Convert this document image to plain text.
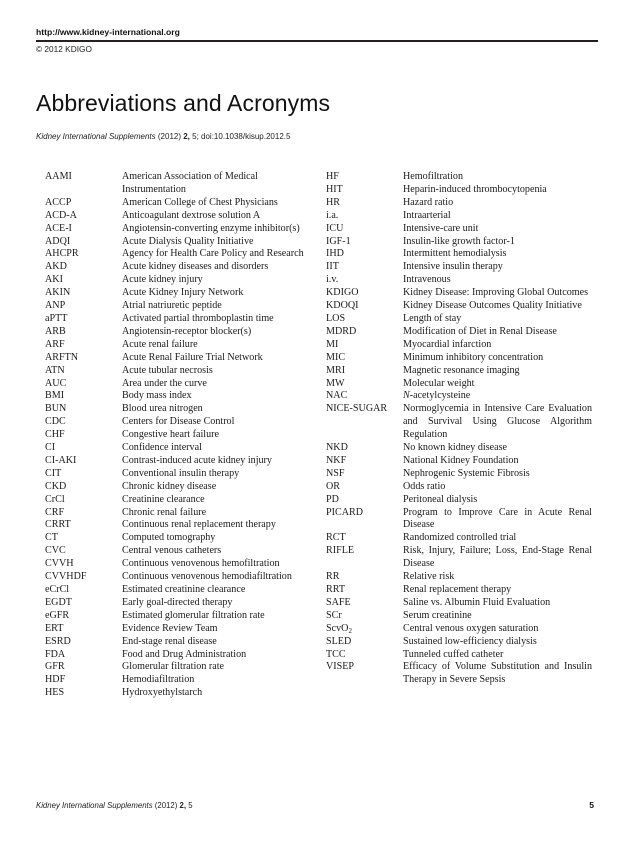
http://www.kidney-international.org
© 2012 KDIGO
Abbreviations and Acronyms
Kidney International Supplements (2012) 2, 5; doi:10.1038/kisup.2012.5
AAMI	American Association of Medical Instrumentation
ACCP	American College of Chest Physicians
ACD-A	Anticoagulant dextrose solution A
ACE-I	Angiotensin-converting enzyme inhibitor(s)
ADQI	Acute Dialysis Quality Initiative
AHCPR	Agency for Health Care Policy and Research
AKD	Acute kidney diseases and disorders
AKI	Acute kidney injury
AKIN	Acute Kidney Injury Network
ANP	Atrial natriuretic peptide
aPTT	Activated partial thromboplastin time
ARB	Angiotensin-receptor blocker(s)
ARF	Acute renal failure
ARFTN	Acute Renal Failure Trial Network
ATN	Acute tubular necrosis
AUC	Area under the curve
BMI	Body mass index
BUN	Blood urea nitrogen
CDC	Centers for Disease Control
CHF	Congestive heart failure
CI	Confidence interval
CI-AKI	Contrast-induced acute kidney injury
CIT	Conventional insulin therapy
CKD	Chronic kidney disease
CrCl	Creatinine clearance
CRF	Chronic renal failure
CRRT	Continuous renal replacement therapy
CT	Computed tomography
CVC	Central venous catheters
CVVH	Continuous venovenous hemofiltration
CVVHDF	Continuous venovenous hemodiafiltration
eCrCl	Estimated creatinine clearance
EGDT	Early goal-directed therapy
eGFR	Estimated glomerular filtration rate
ERT	Evidence Review Team
ESRD	End-stage renal disease
FDA	Food and Drug Administration
GFR	Glomerular filtration rate
HDF	Hemodiafiltration
HES	Hydroxyethylstarch
HF	Hemofiltration
HIT	Heparin-induced thrombocytopenia
HR	Hazard ratio
i.a.	Intraarterial
ICU	Intensive-care unit
IGF-1	Insulin-like growth factor-1
IHD	Intermittent hemodialysis
IIT	Intensive insulin therapy
i.v.	Intravenous
KDIGO	Kidney Disease: Improving Global Outcomes
KDOQI	Kidney Disease Outcomes Quality Initiative
LOS	Length of stay
MDRD	Modification of Diet in Renal Disease
MI	Myocardial infarction
MIC	Minimum inhibitory concentration
MRI	Magnetic resonance imaging
MW	Molecular weight
NAC	N-acetylcysteine
NICE-SUGAR	Normoglycemia in Intensive Care Evaluation and Survival Using Glucose Algorithm Regulation
NKD	No known kidney disease
NKF	National Kidney Foundation
NSF	Nephrogenic Systemic Fibrosis
OR	Odds ratio
PD	Peritoneal dialysis
PICARD	Program to Improve Care in Acute Renal Disease
RCT	Randomized controlled trial
RIFLE	Risk, Injury, Failure; Loss, End-Stage Renal Disease
RR	Relative risk
RRT	Renal replacement therapy
SAFE	Saline vs. Albumin Fluid Evaluation
SCr	Serum creatinine
ScvO$_2$	Central venous oxygen saturation
SLED	Sustained low-efficiency dialysis
TCC	Tunneled cuffed catheter
VISEP	Efficacy of Volume Substitution and Insulin Therapy in Severe Sepsis
Kidney International Supplements (2012) 2, 5	5
